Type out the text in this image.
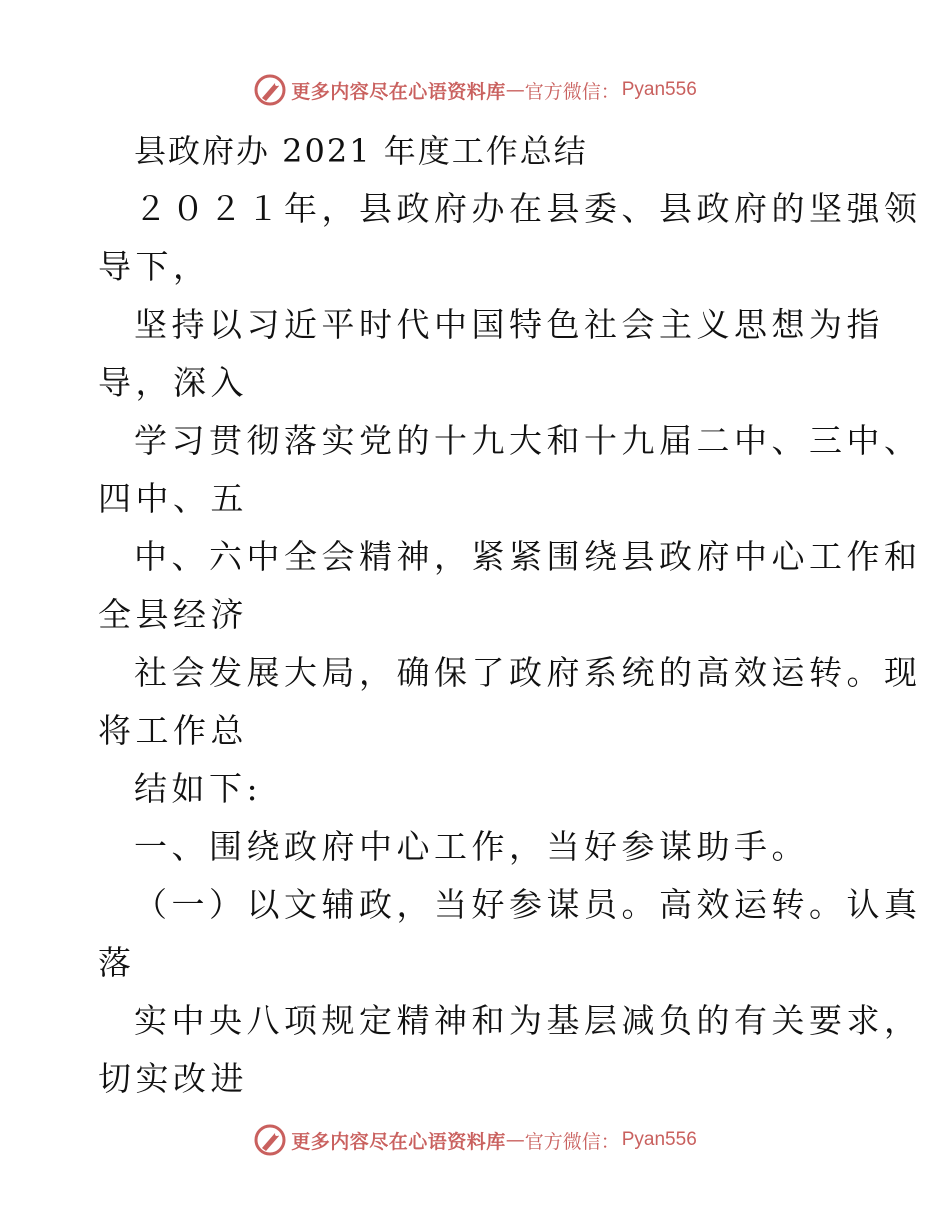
更多内容尽在心语资料库 — 官方微信： Pyan556
县政府办 2021 年度工作总结
２０２１年，县政府办在县委、县政府的坚强领
导下，
坚持以习近平时代中国特色社会主义思想为指
导，深入
学习贯彻落实党的十九大和十九届二中、三中、
四中、五
中、六中全会精神，紧紧围绕县政府中心工作和
全县经济
社会发展大局，确保了政府系统的高效运转。现
将工作总
结如下:
一、围绕政府中心工作，当好参谋助手。
（一）以文辅政，当好参谋员。高效运转。认真
落
实中央八项规定精神和为基层减负的有关要求，
切实改进
更多内容尽在心语资料库 — 官方微信： Pyan556
